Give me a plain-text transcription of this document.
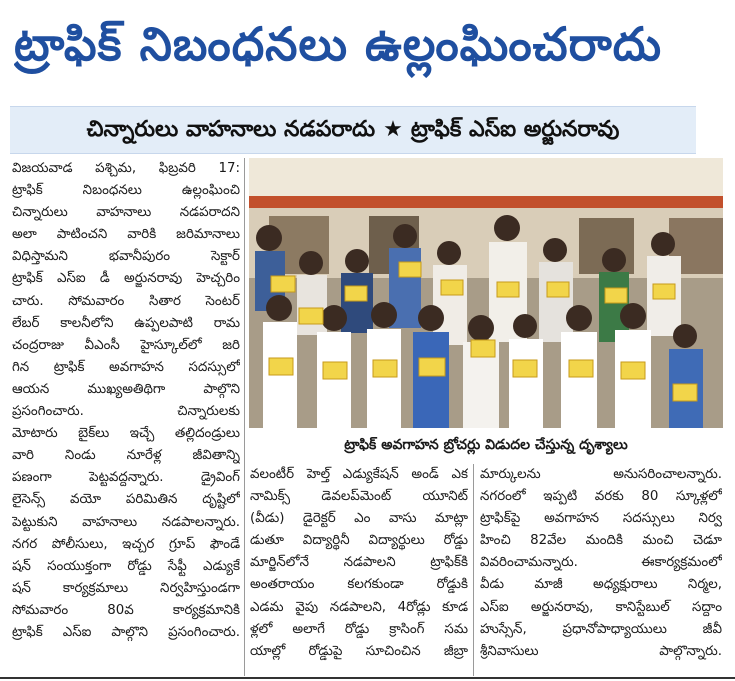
ట్రాఫిక్ నిబంధనలు ఉల్లంఘించరాదు
చిన్నారులు వాహనాలు నడపరాదు ★ ట్రాఫిక్ ఎస్ఐ అర్జునరావు
విజయవాడ పశ్చిమ, ఫిబ్రవరి 17:
ట్రాఫిక్ నిబంధనలు ఉల్లంఘించి
చిన్నారులు వాహనాలు నడపరాదని
అలా పాటించని వారికి జరిమానాలు
విధిస్తామని భవానీపురం సెక్టార్
ట్రాఫిక్ ఎస్ఐ డీ అర్జునరావు హెచ్చరిం
చారు. సోమవారం సితార సెంటర్
లేబర్ కాలనీలోని ఉప్పలపాటి రామ
చంద్రరాజు వీఎంసీ హైస్కూల్‌లో జరి
గిన ట్రాఫిక్ అవగాహన సదస్సులో
ఆయన ముఖ్యఅతిథిగా పాల్గొని
ప్రసంగించారు. చిన్నారులకు
మోటారు బైక్‌లు ఇచ్చే తల్లిదండ్రులు
వారి నిండు నూరేళ్ల జీవితాన్ని
పణంగా పెట్టవద్దన్నారు. డ్రైవింగ్
లైసెన్స్ వయో పరిమితిన దృష్టిలో
పెట్టుకుని వాహనాలు నడపాలన్నారు.
నగర పోలీసులు, ఇచ్చర గ్రూప్ ఫౌండే
షన్ సంయుక్తంగా రోడ్డు సేఫ్టీ ఎడ్యుకే
షన్ కార్యక్రమాలు నిర్వహిస్తుండగా
సోమవారం 80వ కార్యక్రమానికి
ట్రాఫిక్ ఎస్ఐ పాల్గొని ప్రసంగించారు.
ట్రాఫిక్ అవగాహన బ్రోచర్లు విడుదల చేస్తున్న దృశ్యాలు
వలంటీర్ హెల్త్ ఎడ్యుకేషన్ అండ్ ఎక
నామిక్స్ డెవలప్‌మెంట్ యూనిట్
(వీడు) డైరెక్టర్ ఎం వాసు మాట్లా
డుతూ విద్యార్థినీ విద్యార్థులు రోడ్డు
మార్జిన్‌లోనే నడపాలని ట్రాఫిక్‌కి
అంతరాయం కలగకుండా రోడ్డుకి
ఎడమ వైపు నడపాలని, 4రోడ్లు కూడ
ళ్లలో అలాగే రోడ్డు క్రాసింగ్ సమ
యాల్లో రోడ్డుపై సూచించిన జీబ్రా
మార్కులను అనుసరించాలన్నారు.
నగరంలో ఇప్పటి వరకు 80 స్కూళ్లలో
ట్రాఫిక్‌పై అవగాహన సదస్సులు నిర్వ
హించి 82వేల మందికి మంచి చెడూ
వివరించామన్నారు. ఈకార్యక్రమంలో
వీడు మాజీ అధ్యక్షురాలు నిర్మల,
ఎస్ఐ అర్జునరావు, కానిస్టేబుల్ సద్దాం
హుస్సేన్, ప్రధానోపాధ్యాయులు జీవీ
శ్రీనివాసులు పాల్గొన్నారు.
